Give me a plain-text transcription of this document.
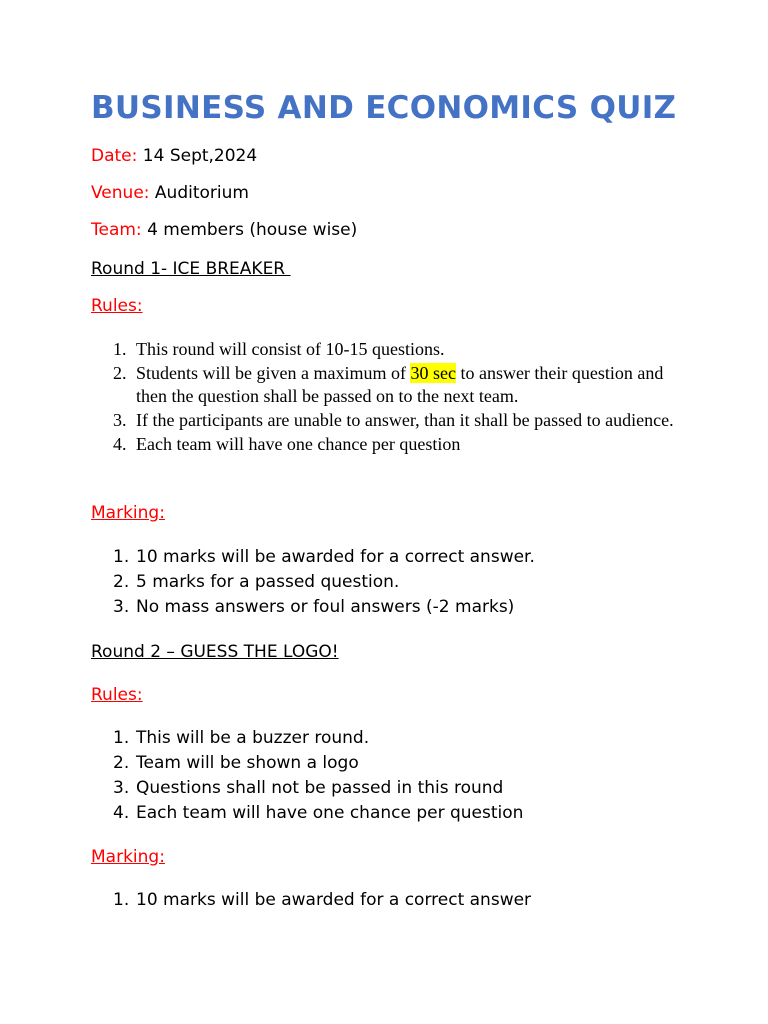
BUSINESS AND ECONOMICS QUIZ
Date: 14 Sept,2024
Venue: Auditorium
Team: 4 members (house wise)
Round 1- ICE BREAKER
Rules:
1. This round will consist of 10-15 questions.
2. Students will be given a maximum of 30 sec to answer their question and then the question shall be passed on to the next team.
3. If the participants are unable to answer, than it shall be passed to audience.
4. Each team will have one chance per question
Marking:
1. 10 marks will be awarded for a correct answer.
2. 5 marks for a passed question.
3. No mass answers or foul answers (-2 marks)
Round 2 – GUESS THE LOGO!
Rules:
1. This will be a buzzer round.
2. Team will be shown a logo
3. Questions shall not be passed in this round
4. Each team will have one chance per question
Marking:
1. 10 marks will be awarded for a correct answer
